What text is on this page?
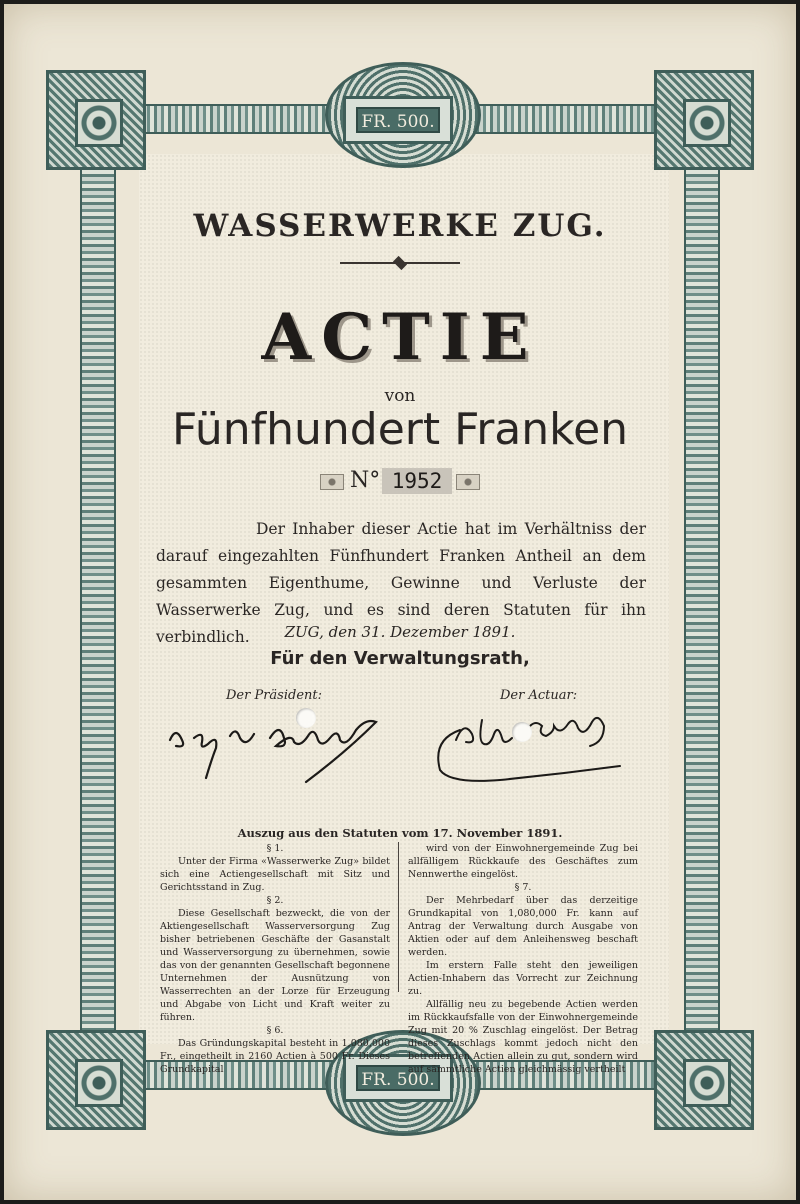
FR. 500.
FR. 500.
WASSERWERKE ZUG.
ACTIE
von
Fünfhundert Franken
N° 1952

Der Inhaber dieser Actie hat im Verhältniss der darauf eingezahlten Fünfhundert Franken Antheil an dem gesammten Eigenthume, Gewinne und Verluste der Wasserwerke Zug, und es sind deren Statuten für ihn verbindlich.	ZUG, den 31. Dezember 1891.
Für den Verwaltungsrath,
Der Präsident:	Der Actuar:
Auszug aus den Statuten vom 17. November 1891.

§ 1.

Unter der Firma «Wasserwerke Zug» bildet sich eine Actiengesellschaft mit Sitz und Gerichtsstand in Zug.

§ 2.

Diese Gesellschaft bezweckt, die von der Aktiengesellschaft Wasserversorgung Zug bisher betriebenen Geschäfte der Gasanstalt und Wasserversorgung zu übernehmen, sowie das von der genannten Gesellschaft begonnene Unternehmen der Ausnützung von Wasserrechten an der Lorze für Erzeugung und Abgabe von Licht und Kraft weiter zu führen.

§ 6.

Das Gründungskapital besteht in 1,080,000 Fr., eingetheilt in 2160 Actien à 500 Fr. Dieses Grundkapital

wird von der Einwohnergemeinde Zug bei allfälligem Rückkaufe des Geschäftes zum Nennwerthe eingelöst.

§ 7.

Der Mehrbedarf über das derzeitige Grundkapital von 1,080,000 Fr. kann auf Antrag der Verwaltung durch Ausgabe von Aktien oder auf dem Anleihensweg beschaft werden.

Im erstern Falle steht den jeweiligen Actien-Inhabern das Vorrecht zur Zeichnung zu.

Allfällig neu zu begebende Actien werden im Rückkaufsfalle von der Einwohnergemeinde Zug mit 20 % Zuschlag eingelöst. Der Betrag dieses Zuschlags kommt jedoch nicht den betreffenden Actien allein zu gut, sondern wird auf sämmtliche Actien gleichmässig vertheilt
